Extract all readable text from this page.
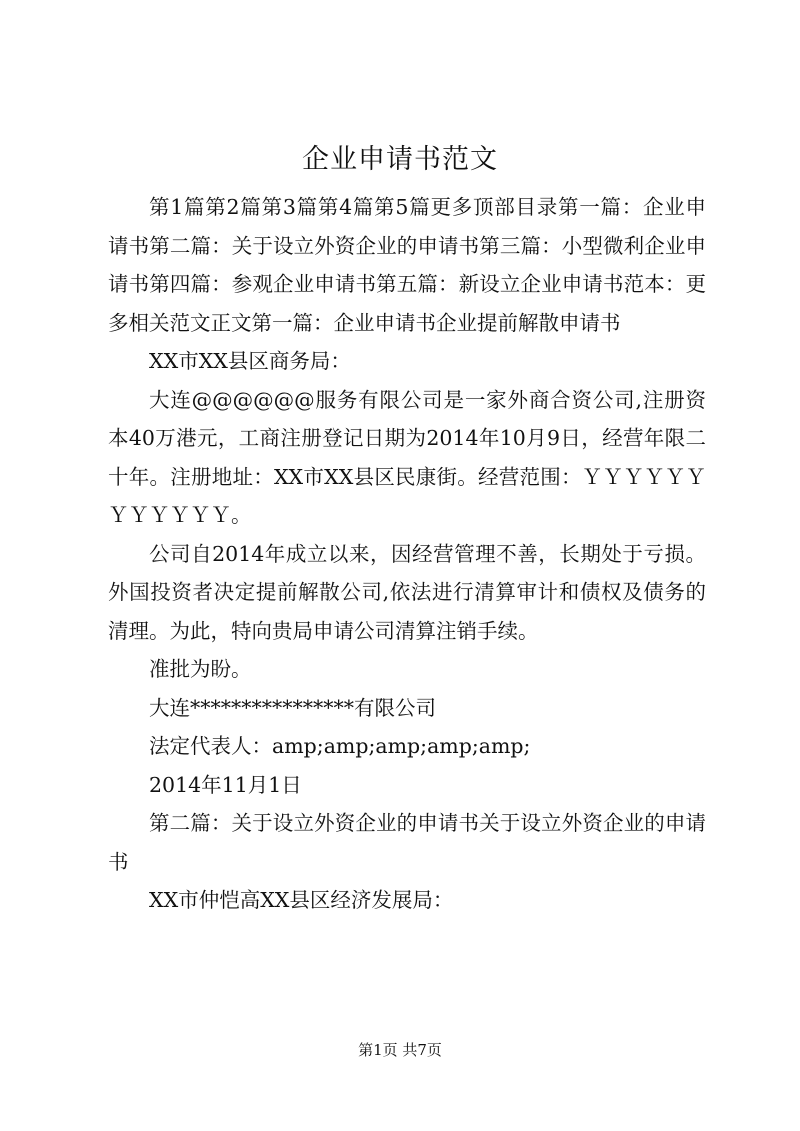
企业申请书范文

第1篇第2篇第3篇第4篇第5篇更多顶部目录第一篇：企业申请书第二篇：关于设立外资企业的申请书第三篇：小型微利企业申请书第四篇：参观企业申请书第五篇：新设立企业申请书范本：更多相关范文正文第一篇：企业申请书企业提前解散申请书

XX市XX县区商务局：

大连@@@@@@服务有限公司是一家外商合资公司,注册资本40万港元，工商注册登记日期为2014年10月9日，经营年限二十年。注册地址：XX市XX县区民康街。经营范围：ＹＹＹＹＹＹＹＹＹＹＹＹ。

公司自2014年成立以来，因经营管理不善，长期处于亏损。外国投资者决定提前解散公司,依法进行清算审计和债权及债务的清理。为此，特向贵局申请公司清算注销手续。

准批为盼。

大连****************有限公司

法定代表人：amp;amp;amp;amp;amp;

2014年11月1日

第二篇：关于设立外资企业的申请书关于设立外资企业的申请书

XX市仲恺高XX县区经济发展局：

第1页 共7页
